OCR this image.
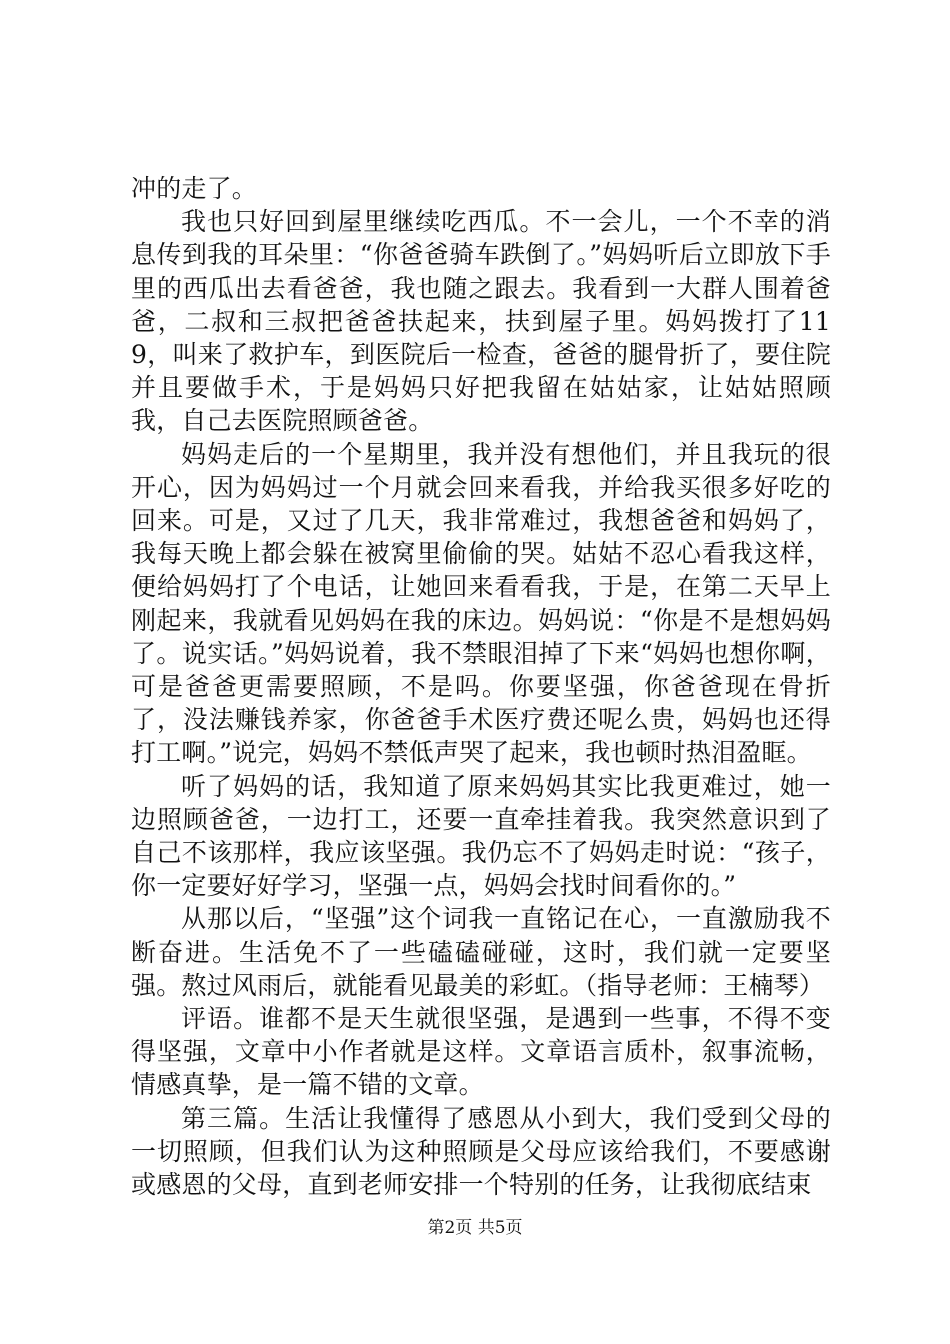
冲的走了。

我也只好回到屋里继续吃西瓜。不一会儿，一个不幸的消息传到我的耳朵里：“你爸爸骑车跌倒了。”妈妈听后立即放下手里的西瓜出去看爸爸，我也随之跟去。我看到一大群人围着爸爸，二叔和三叔把爸爸扶起来，扶到屋子里。妈妈拨打了119，叫来了救护车，到医院后一检查，爸爸的腿骨折了，要住院并且要做手术，于是妈妈只好把我留在姑姑家，让姑姑照顾我，自己去医院照顾爸爸。

妈妈走后的一个星期里，我并没有想他们，并且我玩的很开心，因为妈妈过一个月就会回来看我，并给我买很多好吃的回来。可是，又过了几天，我非常难过，我想爸爸和妈妈了，我每天晚上都会躲在被窝里偷偷的哭。姑姑不忍心看我这样，便给妈妈打了个电话，让她回来看看我，于是，在第二天早上刚起来，我就看见妈妈在我的床边。妈妈说：“你是不是想妈妈了。说实话。”妈妈说着，我不禁眼泪掉了下来“妈妈也想你啊，可是爸爸更需要照顾，不是吗。你要坚强，你爸爸现在骨折了，没法赚钱养家，你爸爸手术医疗费还呢么贵，妈妈也还得打工啊。”说完，妈妈不禁低声哭了起来，我也顿时热泪盈眶。

听了妈妈的话，我知道了原来妈妈其实比我更难过，她一边照顾爸爸，一边打工，还要一直牵挂着我。我突然意识到了自己不该那样，我应该坚强。我仍忘不了妈妈走时说：“孩子，你一定要好好学习，坚强一点，妈妈会找时间看你的。”

从那以后，“坚强”这个词我一直铭记在心，一直激励我不断奋进。生活免不了一些磕磕碰碰，这时，我们就一定要坚强。熬过风雨后，就能看见最美的彩虹。（指导老师：王楠琴）

评语。谁都不是天生就很坚强，是遇到一些事，不得不变得坚强，文章中小作者就是这样。文章语言质朴，叙事流畅，情感真挚，是一篇不错的文章。

第三篇。生活让我懂得了感恩从小到大，我们受到父母的一切照顾，但我们认为这种照顾是父母应该给我们，不要感谢或感恩的父母，直到老师安排一个特别的任务，让我彻底结束

第2页 共5页
